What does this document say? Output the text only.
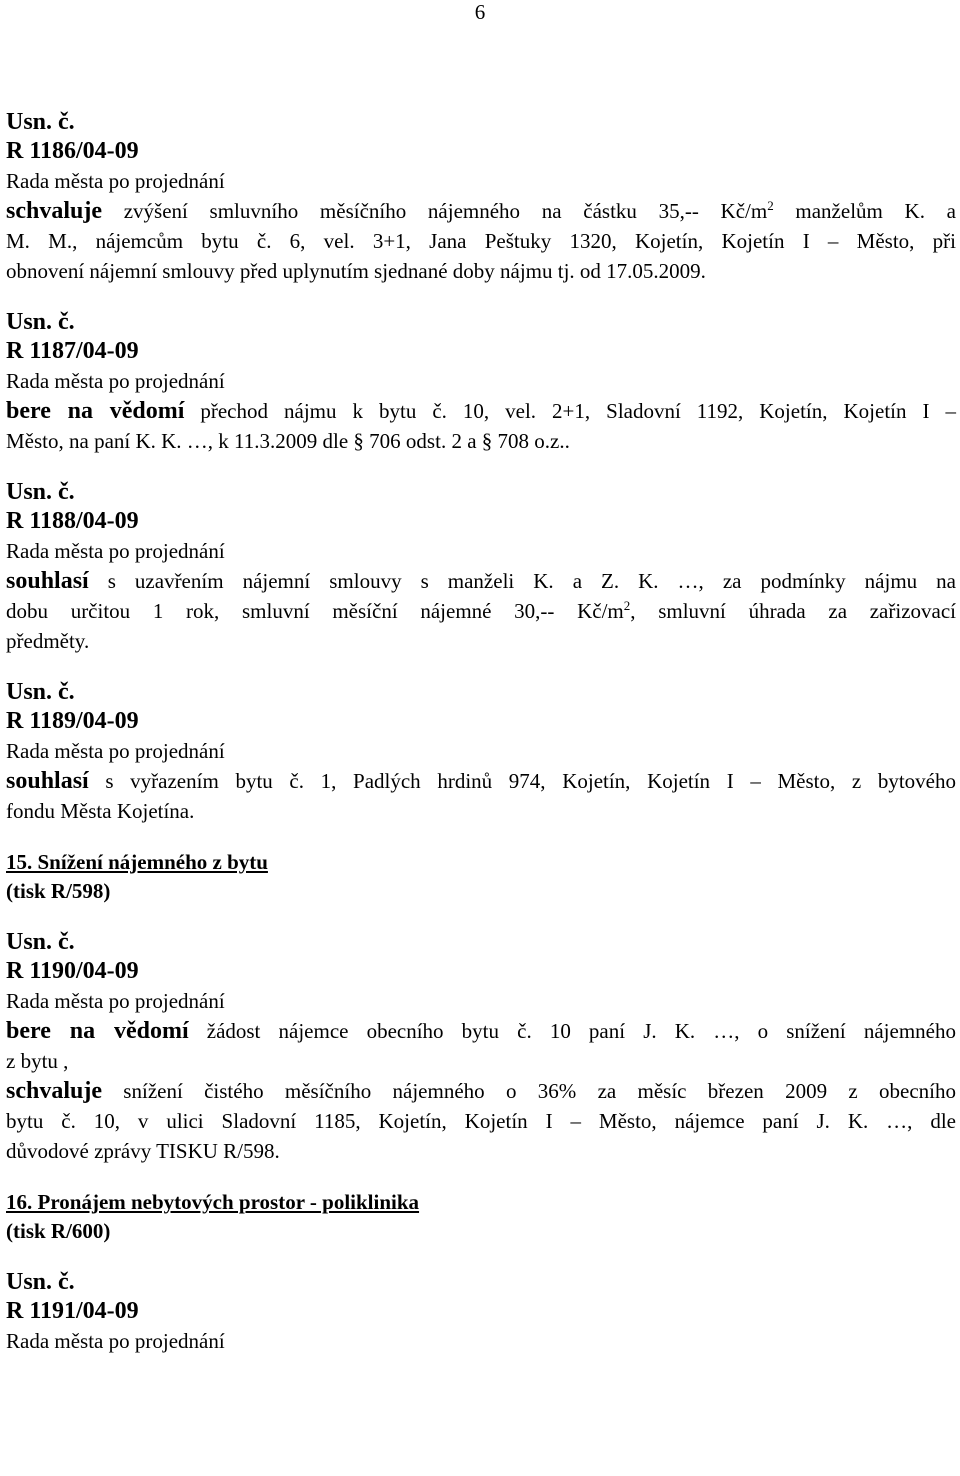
6
Usn. č.
R 1186/04-09
Rada města po projednání
schvaluje zvýšení smluvního měsíčního nájemného na částku 35,-- $Kč/m^2$ manželům K. a
M. M., nájemcům bytu č. 6, vel. 3+1, Jana Peštuky 1320, Kojetín, Kojetín I – Město, při
obnovení nájemní smlouvy před uplynutím sjednané doby nájmu tj. od 17.05.2009.
Usn. č.
R 1187/04-09
Rada města po projednání
bere na vědomí přechod nájmu k bytu č. 10, vel. 2+1, Sladovní 1192, Kojetín, Kojetín I –
Město, na paní K. K. …, k 11.3.2009 dle § 706 odst. 2 a § 708 o.z..
Usn. č.
R 1188/04-09
Rada města po projednání
souhlasí s uzavřením nájemní smlouvy s manželi K. a Z. K. …, za podmínky nájmu na
dobu určitou 1 rok, smluvní měsíční nájemné 30,-- $Kč/m^2$, smluvní úhrada za zařizovací
předměty.
Usn. č.
R 1189/04-09
Rada města po projednání
souhlasí s vyřazením bytu č. 1, Padlých hrdinů 974, Kojetín, Kojetín I – Město, z bytového
fondu Města Kojetína.
15. Snížení nájemného z bytu
(tisk R/598)
Usn. č.
R 1190/04-09
Rada města po projednání
bere na vědomí žádost nájemce obecního bytu č. 10 paní J. K. …, o snížení nájemného
z bytu ,
schvaluje snížení čistého měsíčního nájemného o 36% za měsíc březen 2009 z obecního
bytu č. 10, v ulici Sladovní 1185, Kojetín, Kojetín I – Město, nájemce paní J. K. …, dle
důvodové zprávy TISKU R/598.
16. Pronájem nebytových prostor - poliklinika
(tisk R/600)
Usn. č.
R 1191/04-09
Rada města po projednání
